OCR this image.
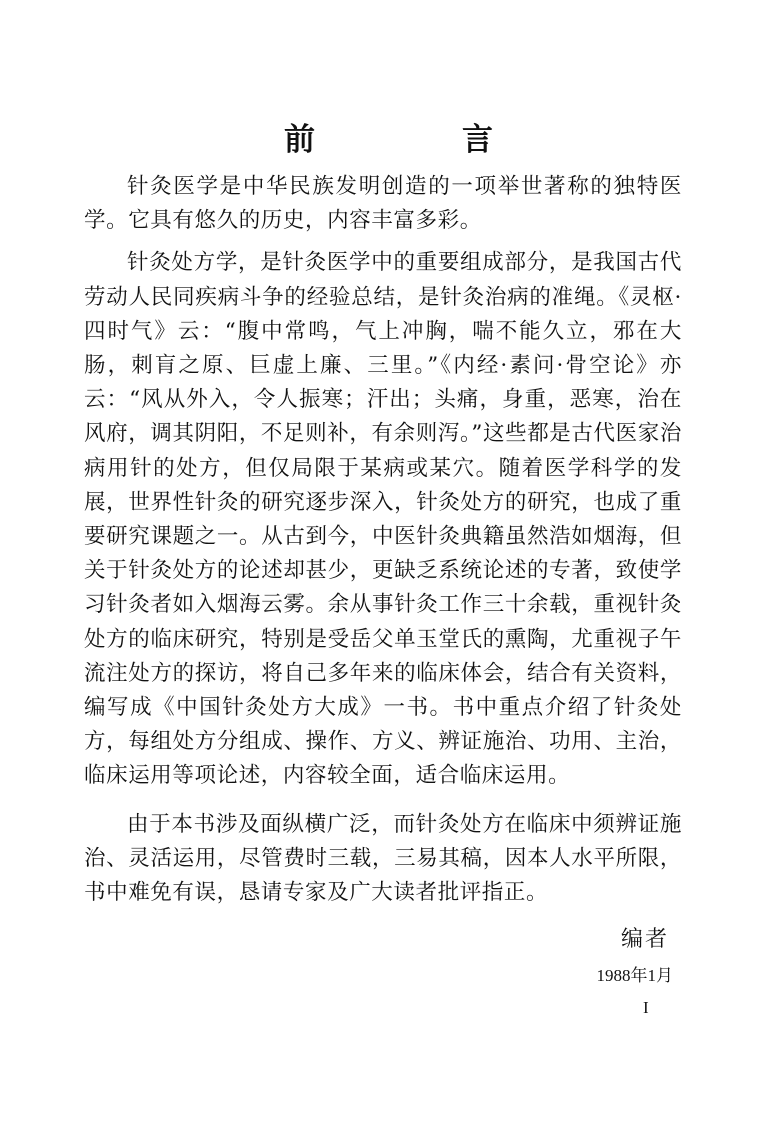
前　言

针灸医学是中华民族发明创造的一项举世著称的独特医学。它具有悠久的历史，内容丰富多彩。

针灸处方学，是针灸医学中的重要组成部分，是我国古代劳动人民同疾病斗争的经验总结，是针灸治病的准绳。《灵枢·四时气》云：“腹中常鸣，气上冲胸，喘不能久立，邪在大肠，刺肓之原、巨虚上廉、三里。”《内经·素问·骨空论》亦云：“风从外入，令人振寒；汗出；头痛，身重，恶寒，治在风府，调其阴阳，不足则补，有余则泻。”这些都是古代医家治病用针的处方，但仅局限于某病或某穴。随着医学科学的发展，世界性针灸的研究逐步深入，针灸处方的研究，也成了重要研究课题之一。从古到今，中医针灸典籍虽然浩如烟海，但关于针灸处方的论述却甚少，更缺乏系统论述的专著，致使学习针灸者如入烟海云雾。余从事针灸工作三十余载，重视针灸处方的临床研究，特别是受岳父单玉堂氏的熏陶，尤重视子午流注处方的探访，将自己多年来的临床体会，结合有关资料，编写成《中国针灸处方大成》一书。书中重点介绍了针灸处方，每组处方分组成、操作、方义、辨证施治、功用、主治，临床运用等项论述，内容较全面，适合临床运用。

由于本书涉及面纵横广泛，而针灸处方在临床中须辨证施治、灵活运用，尽管费时三载，三易其稿，因本人水平所限，书中难免有误，恳请专家及广大读者批评指正。

编者
1988年1月
I
